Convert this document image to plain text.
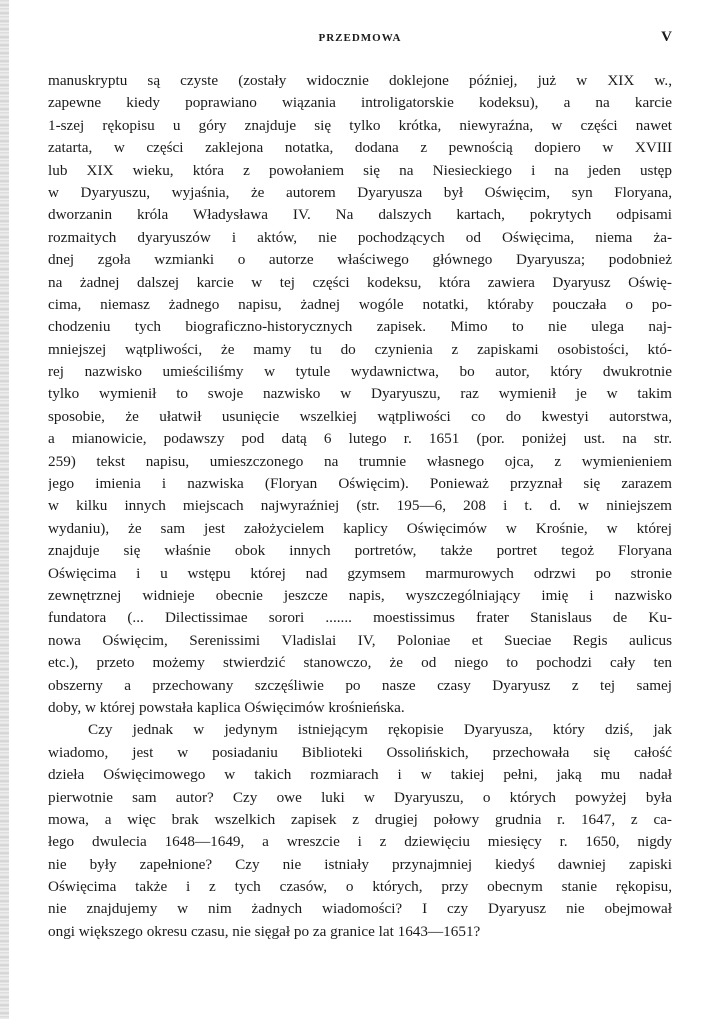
PRZEDMOWA	V
manuskryptu są czyste (zostały widocznie doklejone później, już w XIX w.,
zapewne kiedy poprawiano wiązania introligatorskie kodeksu), a na karcie
1-szej rękopisu u góry znajduje się tylko krótka, niewyraźna, w części nawet
zatarta, w części zaklejona notatka, dodana z pewnością dopiero w XVIII
lub XIX wieku, która z powołaniem się na Niesieckiego i na jeden ustęp
w Dyaryuszu, wyjaśnia, że autorem Dyaryusza był Oświęcim, syn Floryana,
dworzanin króla Władysława IV. Na dalszych kartach, pokrytych odpisami
rozmaitych dyaryuszów i aktów, nie pochodzących od Oświęcima, niema ża-
dnej zgoła wzmianki o autorze właściwego głównego Dyaryusza; podobnież
na żadnej dalszej karcie w tej części kodeksu, która zawiera Dyaryusz Oświę-
cima, niemasz żadnego napisu, żadnej wogóle notatki, któraby pouczała o po-
chodzeniu tych biograficzno-historycznych zapisek. Mimo to nie ulega naj-
mniejszej wątpliwości, że mamy tu do czynienia z zapiskami osobistości, któ-
rej nazwisko umieściliśmy w tytule wydawnictwa, bo autor, który dwukrotnie
tylko wymienił to swoje nazwisko w Dyaryuszu, raz wymienił je w takim
sposobie, że ułatwił usunięcie wszelkiej wątpliwości co do kwestyi autorstwa,
a mianowicie, podawszy pod datą 6 lutego r. 1651 (por. poniżej ust. na str.
259) tekst napisu, umieszczonego na trumnie własnego ojca, z wymienieniem
jego imienia i nazwiska (Floryan Oświęcim). Ponieważ przyznał się zarazem
w kilku innych miejscach najwyraźniej (str. 195—6, 208 i t. d. w niniejszem
wydaniu), że sam jest założycielem kaplicy Oświęcimów w Krośnie, w której
znajduje się właśnie obok innych portretów, także portret tegoż Floryana
Oświęcima i u wstępu której nad gzymsem marmurowych odrzwi po stronie
zewnętrznej widnieje obecnie jeszcze napis, wyszczególniający imię i nazwisko
fundatora (... Dilectissimae sorori ....... moestissimus frater Stanislaus de Ku-
nowa Oświęcim, Serenissimi Vladislai IV, Poloniae et Sueciae Regis aulicus
etc.), przeto możemy stwierdzić stanowczo, że od niego to pochodzi cały ten
obszerny a przechowany szczęśliwie po nasze czasy Dyaryusz z tej samej
doby, w której powstała kaplica Oświęcimów krośnieńska.
Czy jednak w jedynym istniejącym rękopisie Dyaryusza, który dziś, jak
wiadomo, jest w posiadaniu Biblioteki Ossolińskich, przechowała się całość
dzieła Oświęcimowego w takich rozmiarach i w takiej pełni, jaką mu nadał
pierwotnie sam autor? Czy owe luki w Dyaryuszu, o których powyżej była
mowa, a więc brak wszelkich zapisek z drugiej połowy grudnia r. 1647, z ca-
łego dwulecia 1648—1649, a wreszcie i z dziewięciu miesięcy r. 1650, nigdy
nie były zapełnione? Czy nie istniały przynajmniej kiedyś dawniej zapiski
Oświęcima także i z tych czasów, o których, przy obecnym stanie rękopisu,
nie znajdujemy w nim żadnych wiadomości? I czy Dyaryusz nie obejmował
ongi większego okresu czasu, nie sięgał po za granice lat 1643—1651?
